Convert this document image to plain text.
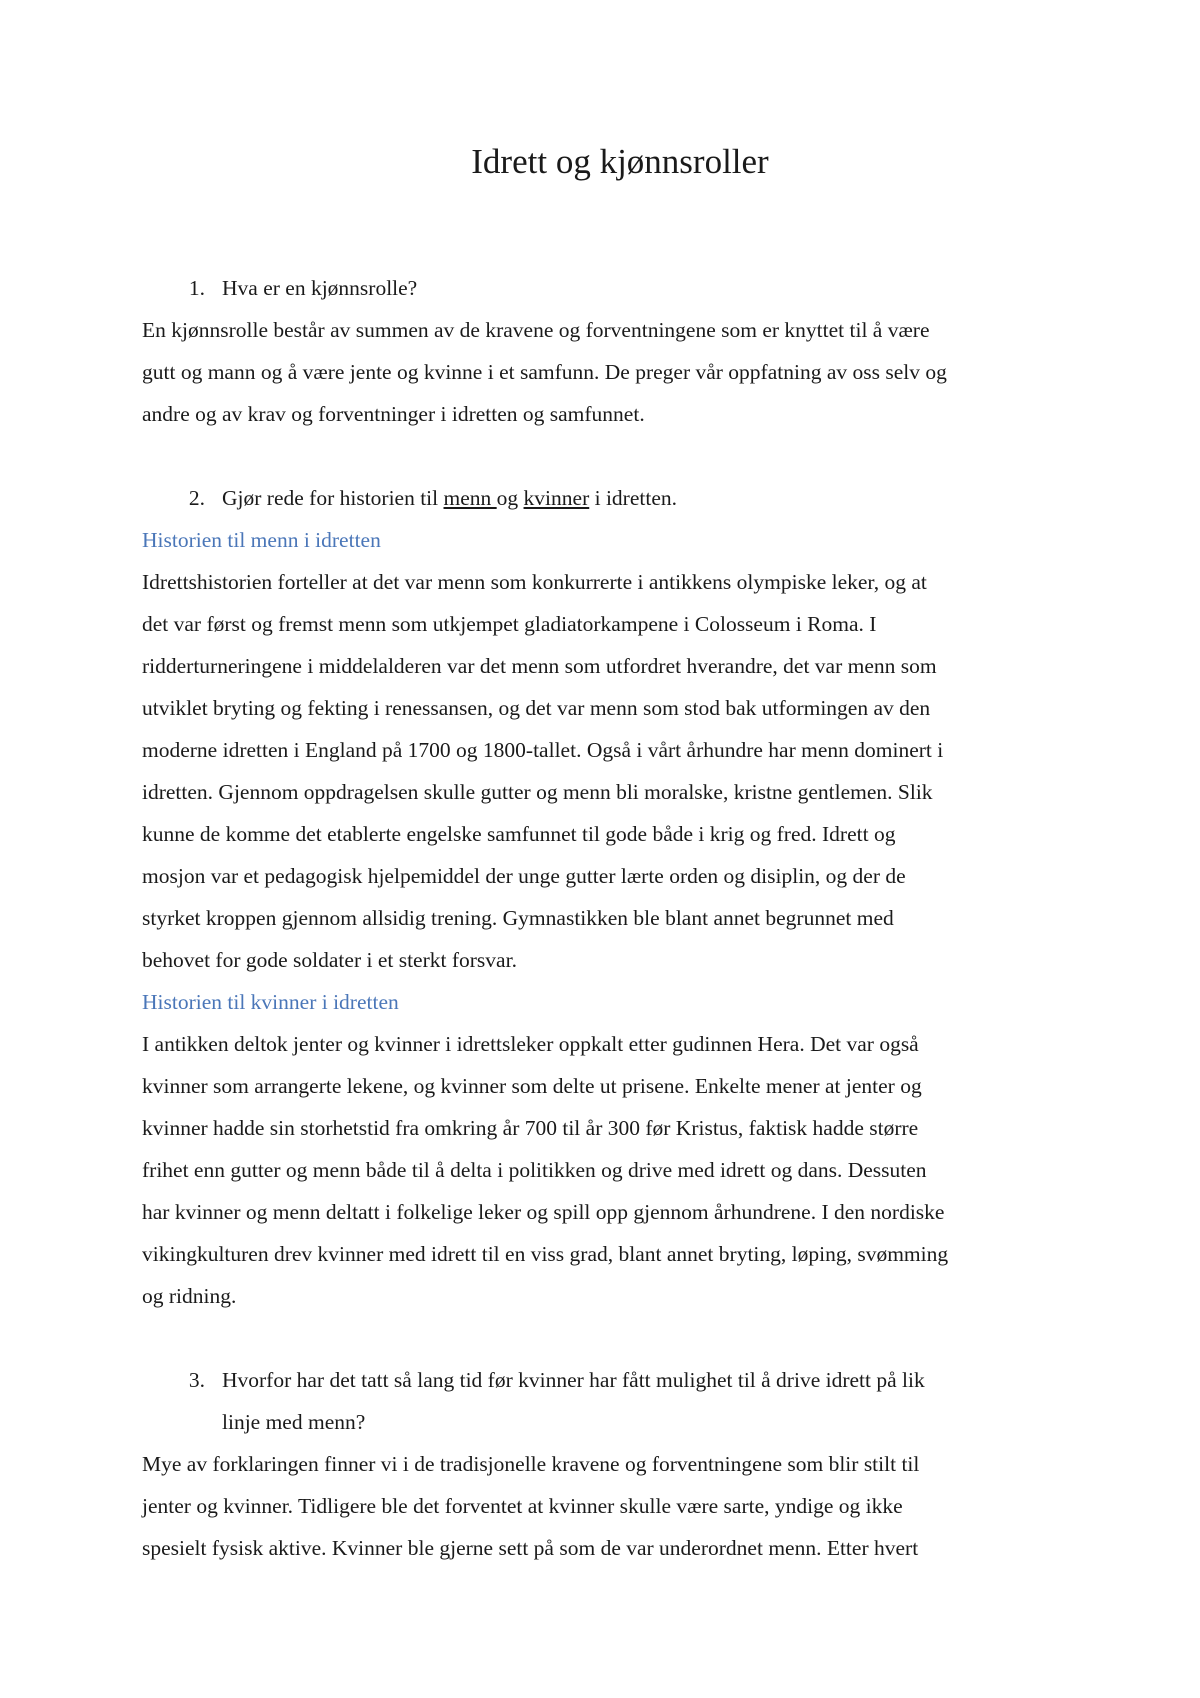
Idrett og kjønnsroller
1. Hva er en kjønnsrolle?

En kjønnsrolle består av summen av de kravene og forventningene som er knyttet til å være
gutt og mann og å være jente og kvinne i et samfunn. De preger vår oppfatning av oss selv og
andre og av krav og forventninger i idretten og samfunnet.

2. Gjør rede for historien til menn og kvinner i idretten.

Historien til menn i idretten

Idrettshistorien forteller at det var menn som konkurrerte i antikkens olympiske leker, og at
det var først og fremst menn som utkjempet gladiatorkampene i Colosseum i Roma. I
ridderturneringene i middelalderen var det menn som utfordret hverandre, det var menn som
utviklet bryting og fekting i renessansen, og det var menn som stod bak utformingen av den
moderne idretten i England på 1700 og 1800-tallet. Også i vårt århundre har menn dominert i
idretten. Gjennom oppdragelsen skulle gutter og menn bli moralske, kristne gentlemen. Slik
kunne de komme det etablerte engelske samfunnet til gode både i krig og fred. Idrett og
mosjon var et pedagogisk hjelpemiddel der unge gutter lærte orden og disiplin, og der de
styrket kroppen gjennom allsidig trening. Gymnastikken ble blant annet begrunnet med
behovet for gode soldater i et sterkt forsvar.

Historien til kvinner i idretten

I antikken deltok jenter og kvinner i idrettsleker oppkalt etter gudinnen Hera. Det var også
kvinner som arrangerte lekene, og kvinner som delte ut prisene. Enkelte mener at jenter og
kvinner hadde sin storhetstid fra omkring år 700 til år 300 før Kristus, faktisk hadde større
frihet enn gutter og menn både til å delta i politikken og drive med idrett og dans. Dessuten
har kvinner og menn deltatt i folkelige leker og spill opp gjennom århundrene. I den nordiske
vikingkulturen drev kvinner med idrett til en viss grad, blant annet bryting, løping, svømming
og ridning.

3. Hvorfor har det tatt så lang tid før kvinner har fått mulighet til å drive idrett på lik
linje med menn?

Mye av forklaringen finner vi i de tradisjonelle kravene og forventningene som blir stilt til
jenter og kvinner. Tidligere ble det forventet at kvinner skulle være sarte, yndige og ikke
spesielt fysisk aktive. Kvinner ble gjerne sett på som de var underordnet menn. Etter hvert
